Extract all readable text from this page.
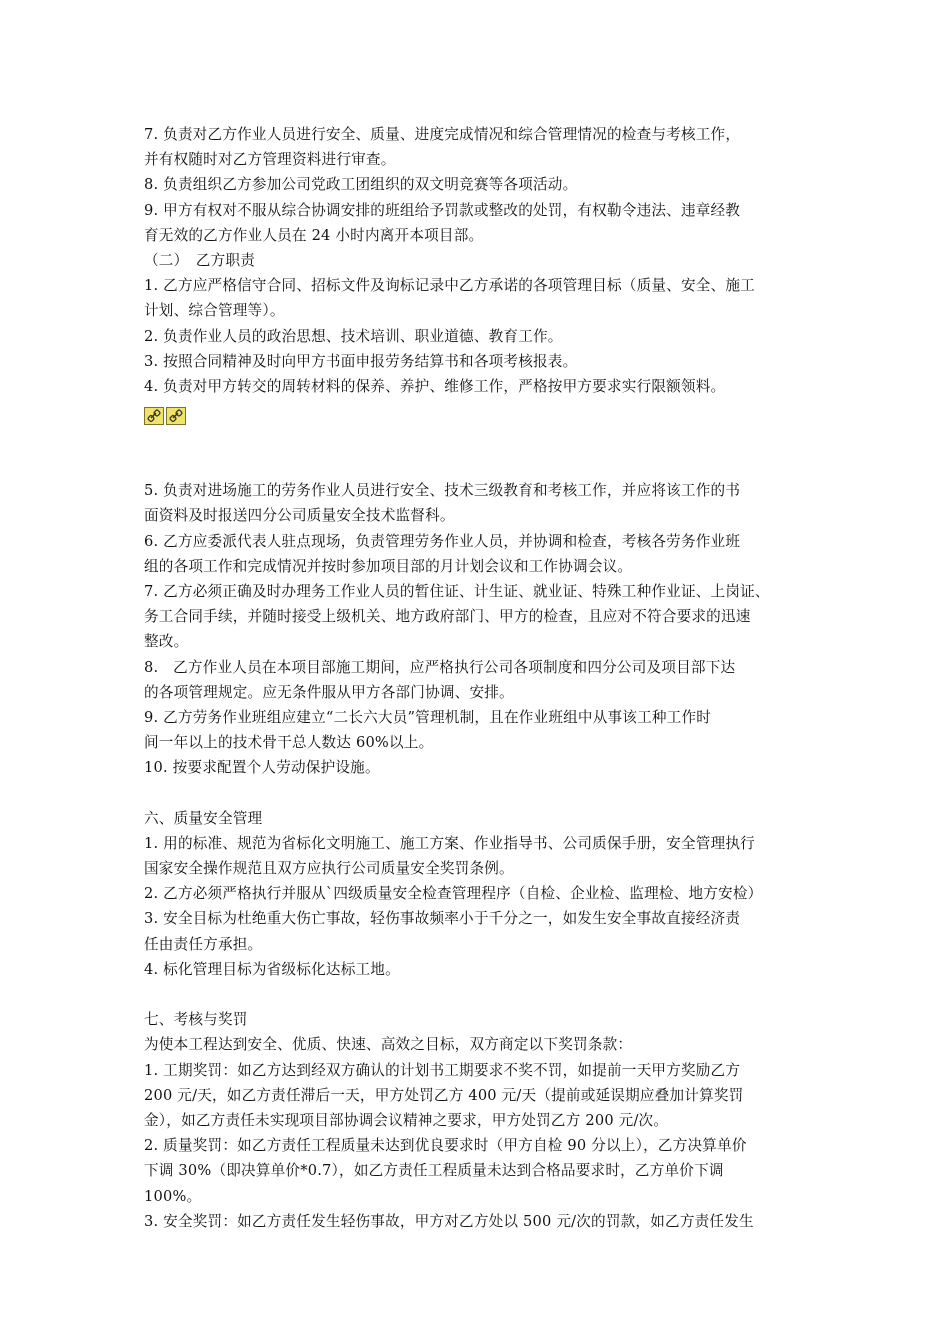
7. 负责对乙方作业人员进行安全、质量、进度完成情况和综合管理情况的检查与考核工作，
并有权随时对乙方管理资料进行审查。
8. 负责组织乙方参加公司党政工团组织的双文明竞赛等各项活动。
9. 甲方有权对不服从综合协调安排的班组给予罚款或整改的处罚，有权勒令违法、违章经教
育无效的乙方作业人员在 24 小时内离开本项目部。
（二）　乙方职责
1. 乙方应严格信守合同、招标文件及询标记录中乙方承诺的各项管理目标（质量、安全、施工
计划、综合管理等）。
2. 负责作业人员的政治思想、技术培训、职业道德、教育工作。
3. 按照合同精神及时向甲方书面申报劳务结算书和各项考核报表。
4. 负责对甲方转交的周转材料的保养、养护、维修工作，严格按甲方要求实行限额领料。
5. 负责对进场施工的劳务作业人员进行安全、技术三级教育和考核工作，并应将该工作的书
面资料及时报送四分公司质量安全技术监督科。
6. 乙方应委派代表人驻点现场，负责管理劳务作业人员，并协调和检查，考核各劳务作业班
组的各项工作和完成情况并按时参加项目部的月计划会议和工作协调会议。
7. 乙方必须正确及时办理务工作业人员的暂住证、计生证、就业证、特殊工种作业证、上岗证、
务工合同手续，并随时接受上级机关、地方政府部门、甲方的检查，且应对不符合要求的迅速
整改。
8.　乙方作业人员在本项目部施工期间，应严格执行公司各项制度和四分公司及项目部下达
的各项管理规定。应无条件服从甲方各部门协调、安排。
9. 乙方劳务作业班组应建立“二长六大员”管理机制，且在作业班组中从事该工种工作时
间一年以上的技术骨干总人数达 60%以上。
10. 按要求配置个人劳动保护设施。
六、质量安全管理
1. 用的标准、规范为省标化文明施工、施工方案、作业指导书、公司质保手册，安全管理执行
国家安全操作规范且双方应执行公司质量安全奖罚条例。
2. 乙方必须严格执行并服从`四级质量安全检查管理程序（自检、企业检、监理检、地方安检）
3. 安全目标为杜绝重大伤亡事故，轻伤事故频率小于千分之一，如发生安全事故直接经济责
任由责任方承担。
4. 标化管理目标为省级标化达标工地。
七、考核与奖罚
为使本工程达到安全、优质、快速、高效之目标，双方商定以下奖罚条款：
1. 工期奖罚：如乙方达到经双方确认的计划书工期要求不奖不罚，如提前一天甲方奖励乙方
200 元/天，如乙方责任滞后一天，甲方处罚乙方 400 元/天（提前或延误期应叠加计算奖罚
金），如乙方责任未实现项目部协调会议精神之要求，甲方处罚乙方 200 元/次。
2. 质量奖罚：如乙方责任工程质量未达到优良要求时（甲方自检 90 分以上），乙方决算单价
下调 30%（即决算单价*0.7），如乙方责任工程质量未达到合格品要求时，乙方单价下调
100%。
3. 安全奖罚：如乙方责任发生轻伤事故，甲方对乙方处以 500 元/次的罚款，如乙方责任发生
